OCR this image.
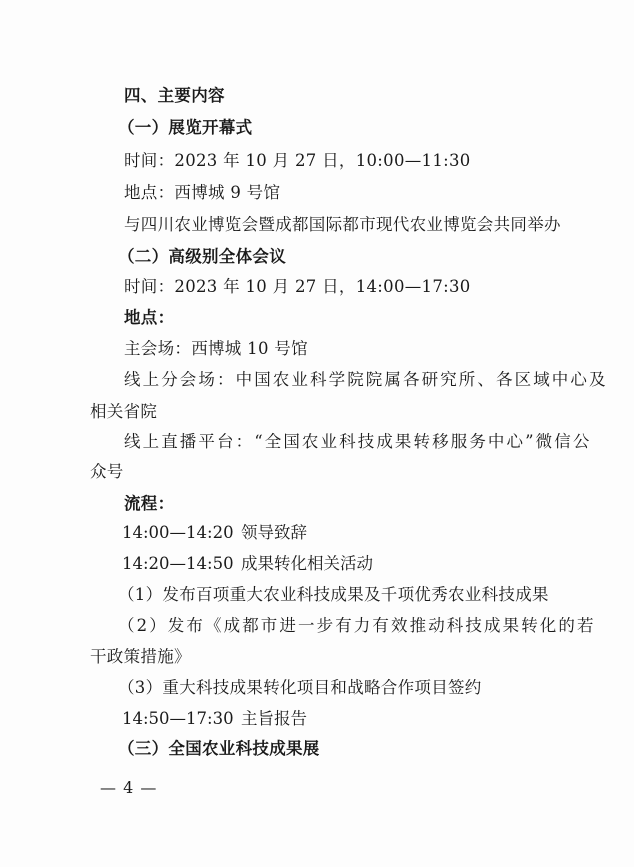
四、主要内容
（一）展览开幕式
时间：2023 年 10 月 27 日，10:00—11:30
地点：西博城 9 号馆
与四川农业博览会暨成都国际都市现代农业博览会共同举办
（二）高级别全体会议
时间：2023 年 10 月 27 日，14:00—17:30
地点：
主会场：西博城 10 号馆
线上分会场：中国农业科学院院属各研究所、各区域中心及
相关省院
线上直播平台：“全国农业科技成果转移服务中心”微信公
众号
流程：
14:00—14:20 领导致辞
14:20—14:50 成果转化相关活动
（1）发布百项重大农业科技成果及千项优秀农业科技成果
（2）发布《成都市进一步有力有效推动科技成果转化的若
干政策措施》
（3）重大科技成果转化项目和战略合作项目签约
14:50—17:30 主旨报告
（三）全国农业科技成果展
— 4 —
